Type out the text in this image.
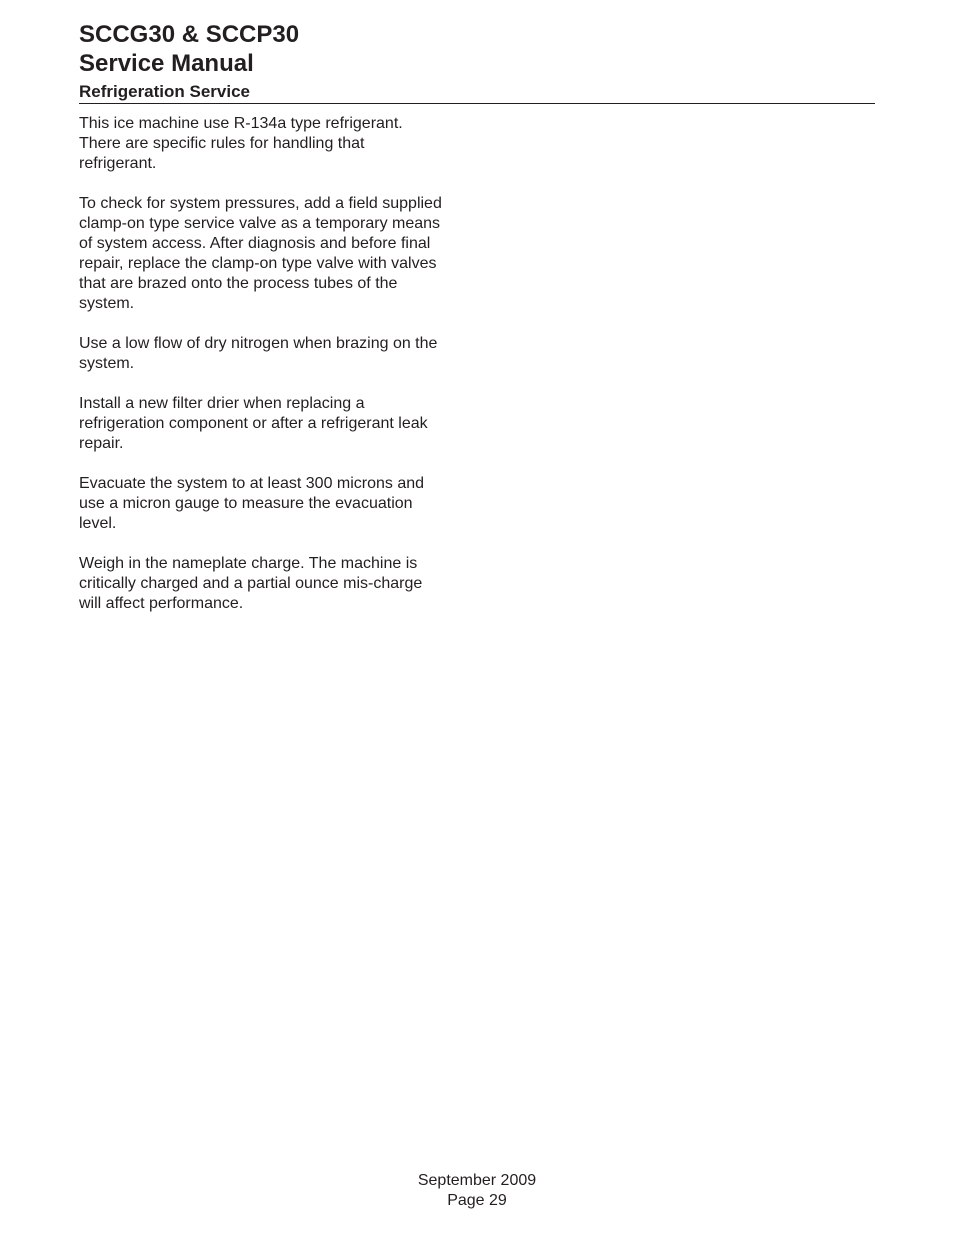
SCCG30 & SCCP30
Service Manual
Refrigeration Service

This ice machine use R-134a type refrigerant.
There are specific rules for handling that
refrigerant.

To check for system pressures, add a field supplied
clamp-on type service valve as a temporary means
of system access. After diagnosis and before final
repair, replace the clamp-on type valve with valves
that are brazed onto the process tubes of the
system.

Use a low flow of dry nitrogen when brazing on the
system.

Install a new filter drier when replacing a
refrigeration component or after a refrigerant leak
repair.

Evacuate the system to at least 300 microns and
use a micron gauge to measure the evacuation
level.

Weigh in the nameplate charge. The machine is
critically charged and a partial ounce mis-charge
will affect performance.

September 2009
Page 29
